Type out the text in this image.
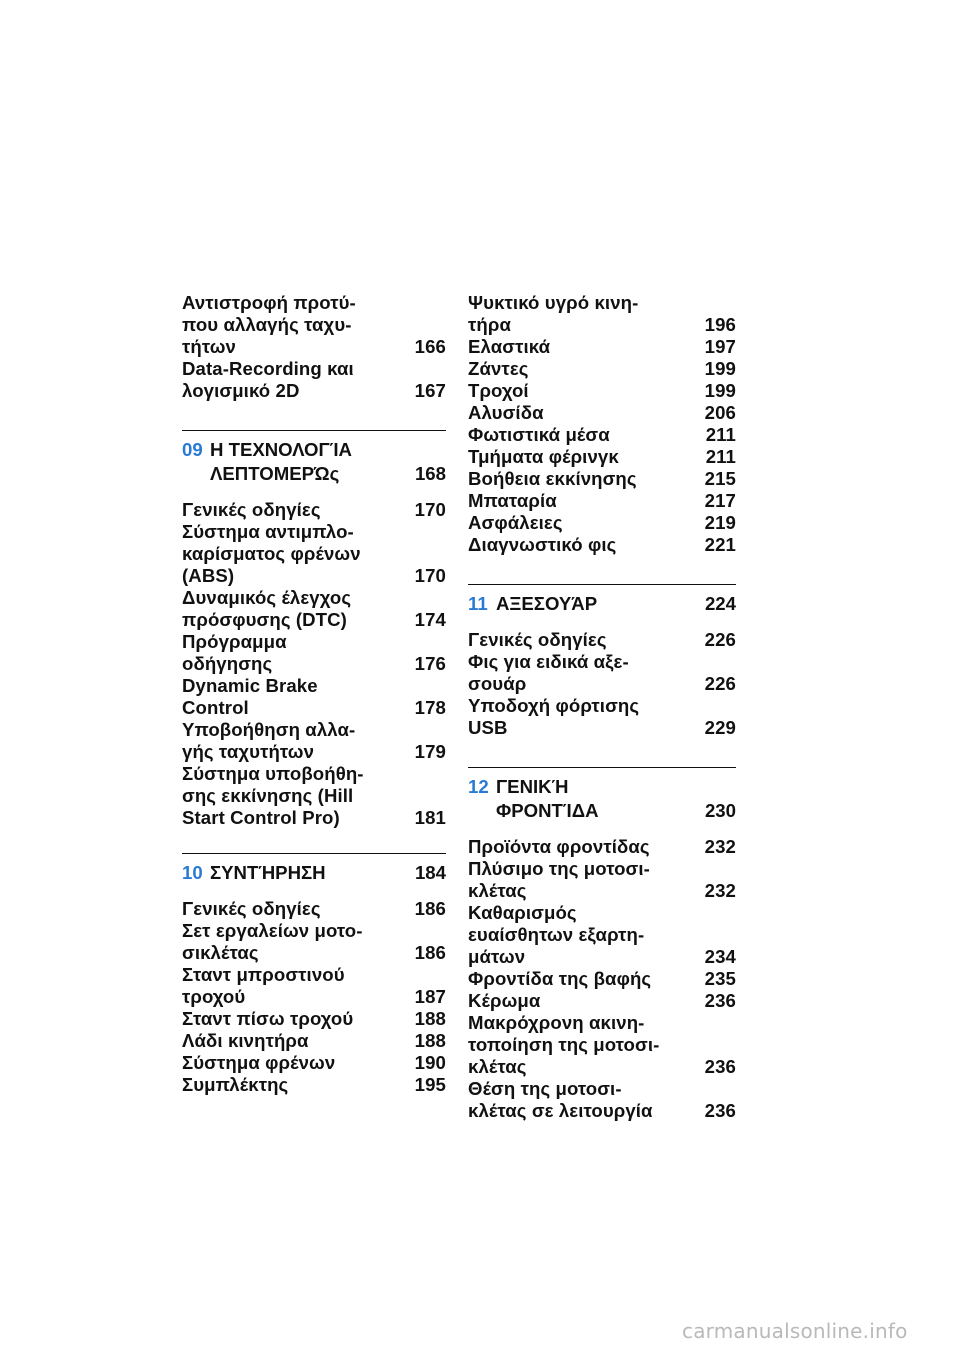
Αντιστροφή προτύ-
που αλλαγής ταχυ-
τήτων	166
Data-Recording και
λογισμικό 2D	167
09 Η ΤΕΧΝΟΛΟΓΊΑ
ΛΕΠΤΟΜΕΡΏς	168
Γενικές οδηγίες	170
Σύστημα αντιμπλο-
καρίσματος φρένων
(ABS)	170
Δυναμικός έλεγχος
πρόσφυσης (DTC)	174
Πρόγραμμα
οδήγησης	176
Dynamic Brake
Control	178
Υποβοήθηση αλλα-
γής ταχυτήτων	179
Σύστημα υποβοήθη-
σης εκκίνησης (Hill
Start Control Pro)	181
10 ΣΥΝΤΉΡΗΣΗ	184
Γενικές οδηγίες	186
Σετ εργαλείων μοτο-
σικλέτας	186
Σταντ μπροστινού
τροχού	187
Σταντ πίσω τροχού	188
Λάδι κινητήρα	188
Σύστημα φρένων	190
Συμπλέκτης	195
Ψυκτικό υγρό κινη-
τήρα	196
Ελαστικά	197
Ζάντες	199
Τροχοί	199
Αλυσίδα	206
Φωτιστικά μέσα	211
Τμήματα φέρινγκ	211
Βοήθεια εκκίνησης	215
Μπαταρία	217
Ασφάλειες	219
Διαγνωστικό φις	221
11 ΑΞΕΣΟΥΆΡ	224
Γενικές οδηγίες	226
Φις για ειδικά αξε-
σουάρ	226
Υποδοχή φόρτισης
USB	229
12 ΓΕΝΙΚΉ
ΦΡΟΝΤΊΔΑ	230
Προϊόντα φροντίδας	232
Πλύσιμο της μοτοσι-
κλέτας	232
Καθαρισμός
ευαίσθητων εξαρτη-
μάτων	234
Φροντίδα της βαφής	235
Κέρωμα	236
Μακρόχρονη ακινη-
τοποίηση της μοτοσι-
κλέτας	236
Θέση της μοτοσι-
κλέτας σε λειτουργία	236
carmanualsonline.info
